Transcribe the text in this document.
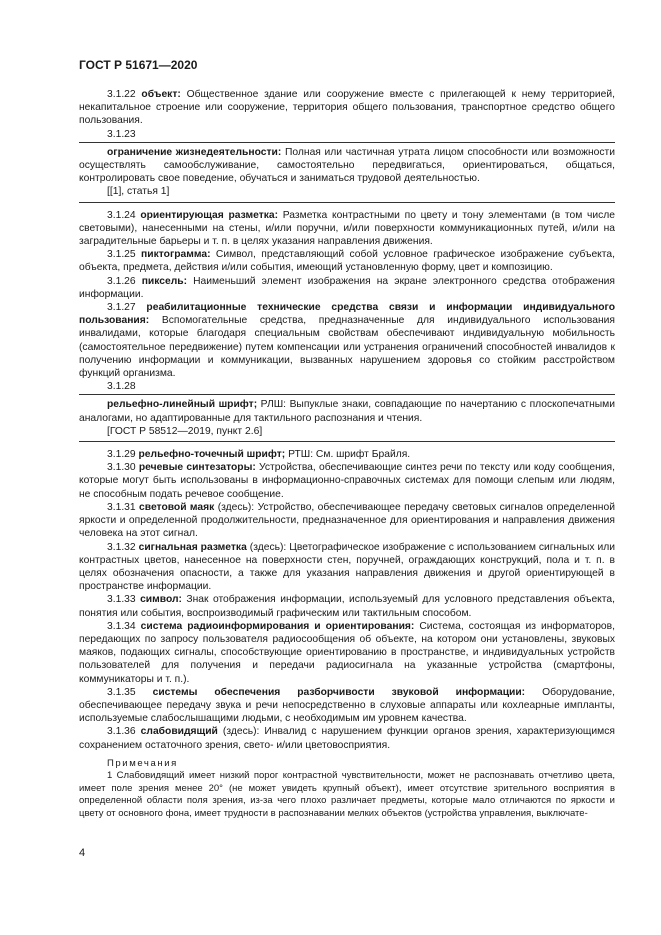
ГОСТ Р 51671—2020

3.1.22 объект: Общественное здание или сооружение вместе с прилегающей к нему территорией, некапитальное строение или сооружение, территория общего пользования, транспортное средство общего пользования.

3.1.23

ограничение жизнедеятельности: Полная или частичная утрата лицом способности или возможности осуществлять самообслуживание, самостоятельно передвигаться, ориентироваться, общаться, контролировать свое поведение, обучаться и заниматься трудовой деятельностью.

[[1], статья 1]

3.1.24 ориентирующая разметка: Разметка контрастными по цвету и тону элементами (в том числе световыми), нанесенными на стены, и/или поручни, и/или поверхности коммуникационных путей, и/или на заградительные барьеры и т. п. в целях указания направления движения.

3.1.25 пиктограмма: Символ, представляющий собой условное графическое изображение субъекта, объекта, предмета, действия и/или события, имеющий установленную форму, цвет и композицию.

3.1.26 пиксель: Наименьший элемент изображения на экране электронного средства отображения информации.

3.1.27 реабилитационные технические средства связи и информации индивидуального пользования: Вспомогательные средства, предназначенные для индивидуального использования инвалидами, которые благодаря специальным свойствам обеспечивают индивидуальную мобильность (самостоятельное передвижение) путем компенсации или устранения ограничений способностей инвалидов к получению информации и коммуникации, вызванных нарушением здоровья со стойким расстройством функций организма.

3.1.28

рельефно-линейный шрифт; РЛШ: Выпуклые знаки, совпадающие по начертанию с плоскопечатными аналогами, но адаптированные для тактильного распознания и чтения.

[ГОСТ Р 58512—2019, пункт 2.6]

3.1.29 рельефно-точечный шрифт; РТШ: См. шрифт Брайля.

3.1.30 речевые синтезаторы: Устройства, обеспечивающие синтез речи по тексту или коду сообщения, которые могут быть использованы в информационно-справочных системах для помощи слепым или людям, не способным подать речевое сообщение.

3.1.31 световой маяк (здесь): Устройство, обеспечивающее передачу световых сигналов определенной яркости и определенной продолжительности, предназначенное для ориентирования и направления движения человека на этот сигнал.

3.1.32 сигнальная разметка (здесь): Цветографическое изображение с использованием сигнальных или контрастных цветов, нанесенное на поверхности стен, поручней, ограждающих конструкций, пола и т. п. в целях обозначения опасности, а также для указания направления движения и другой ориентирующей в пространстве информации.

3.1.33 символ: Знак отображения информации, используемый для условного представления объекта, понятия или события, воспроизводимый графическим или тактильным способом.

3.1.34 система радиоинформирования и ориентирования: Система, состоящая из информаторов, передающих по запросу пользователя радиосообщения об объекте, на котором они установлены, звуковых маяков, подающих сигналы, способствующие ориентированию в пространстве, и индивидуальных устройств пользователей для получения и передачи радиосигнала на указанные устройства (смартфоны, коммуникаторы и т. п.).

3.1.35 системы обеспечения разборчивости звуковой информации: Оборудование, обеспечивающее передачу звука и речи непосредственно в слуховые аппараты или кохлеарные импланты, используемые слабослышащими людьми, с необходимым им уровнем качества.

3.1.36 слабовидящий (здесь): Инвалид с нарушением функции органов зрения, характеризующимся сохранением остаточного зрения, свето- и/или цветовосприятия.

Примечания

1 Слабовидящий имеет низкий порог контрастной чувствительности, может не распознавать отчетливо цвета, имеет поле зрения менее 20° (не может увидеть крупный объект), имеет отсутствие зрительного восприятия в определенной области поля зрения, из-за чего плохо различает предметы, которые мало отличаются по яркости и цвету от основного фона, имеет трудности в распознавании мелких объектов (устройства управления, выключате-

4
